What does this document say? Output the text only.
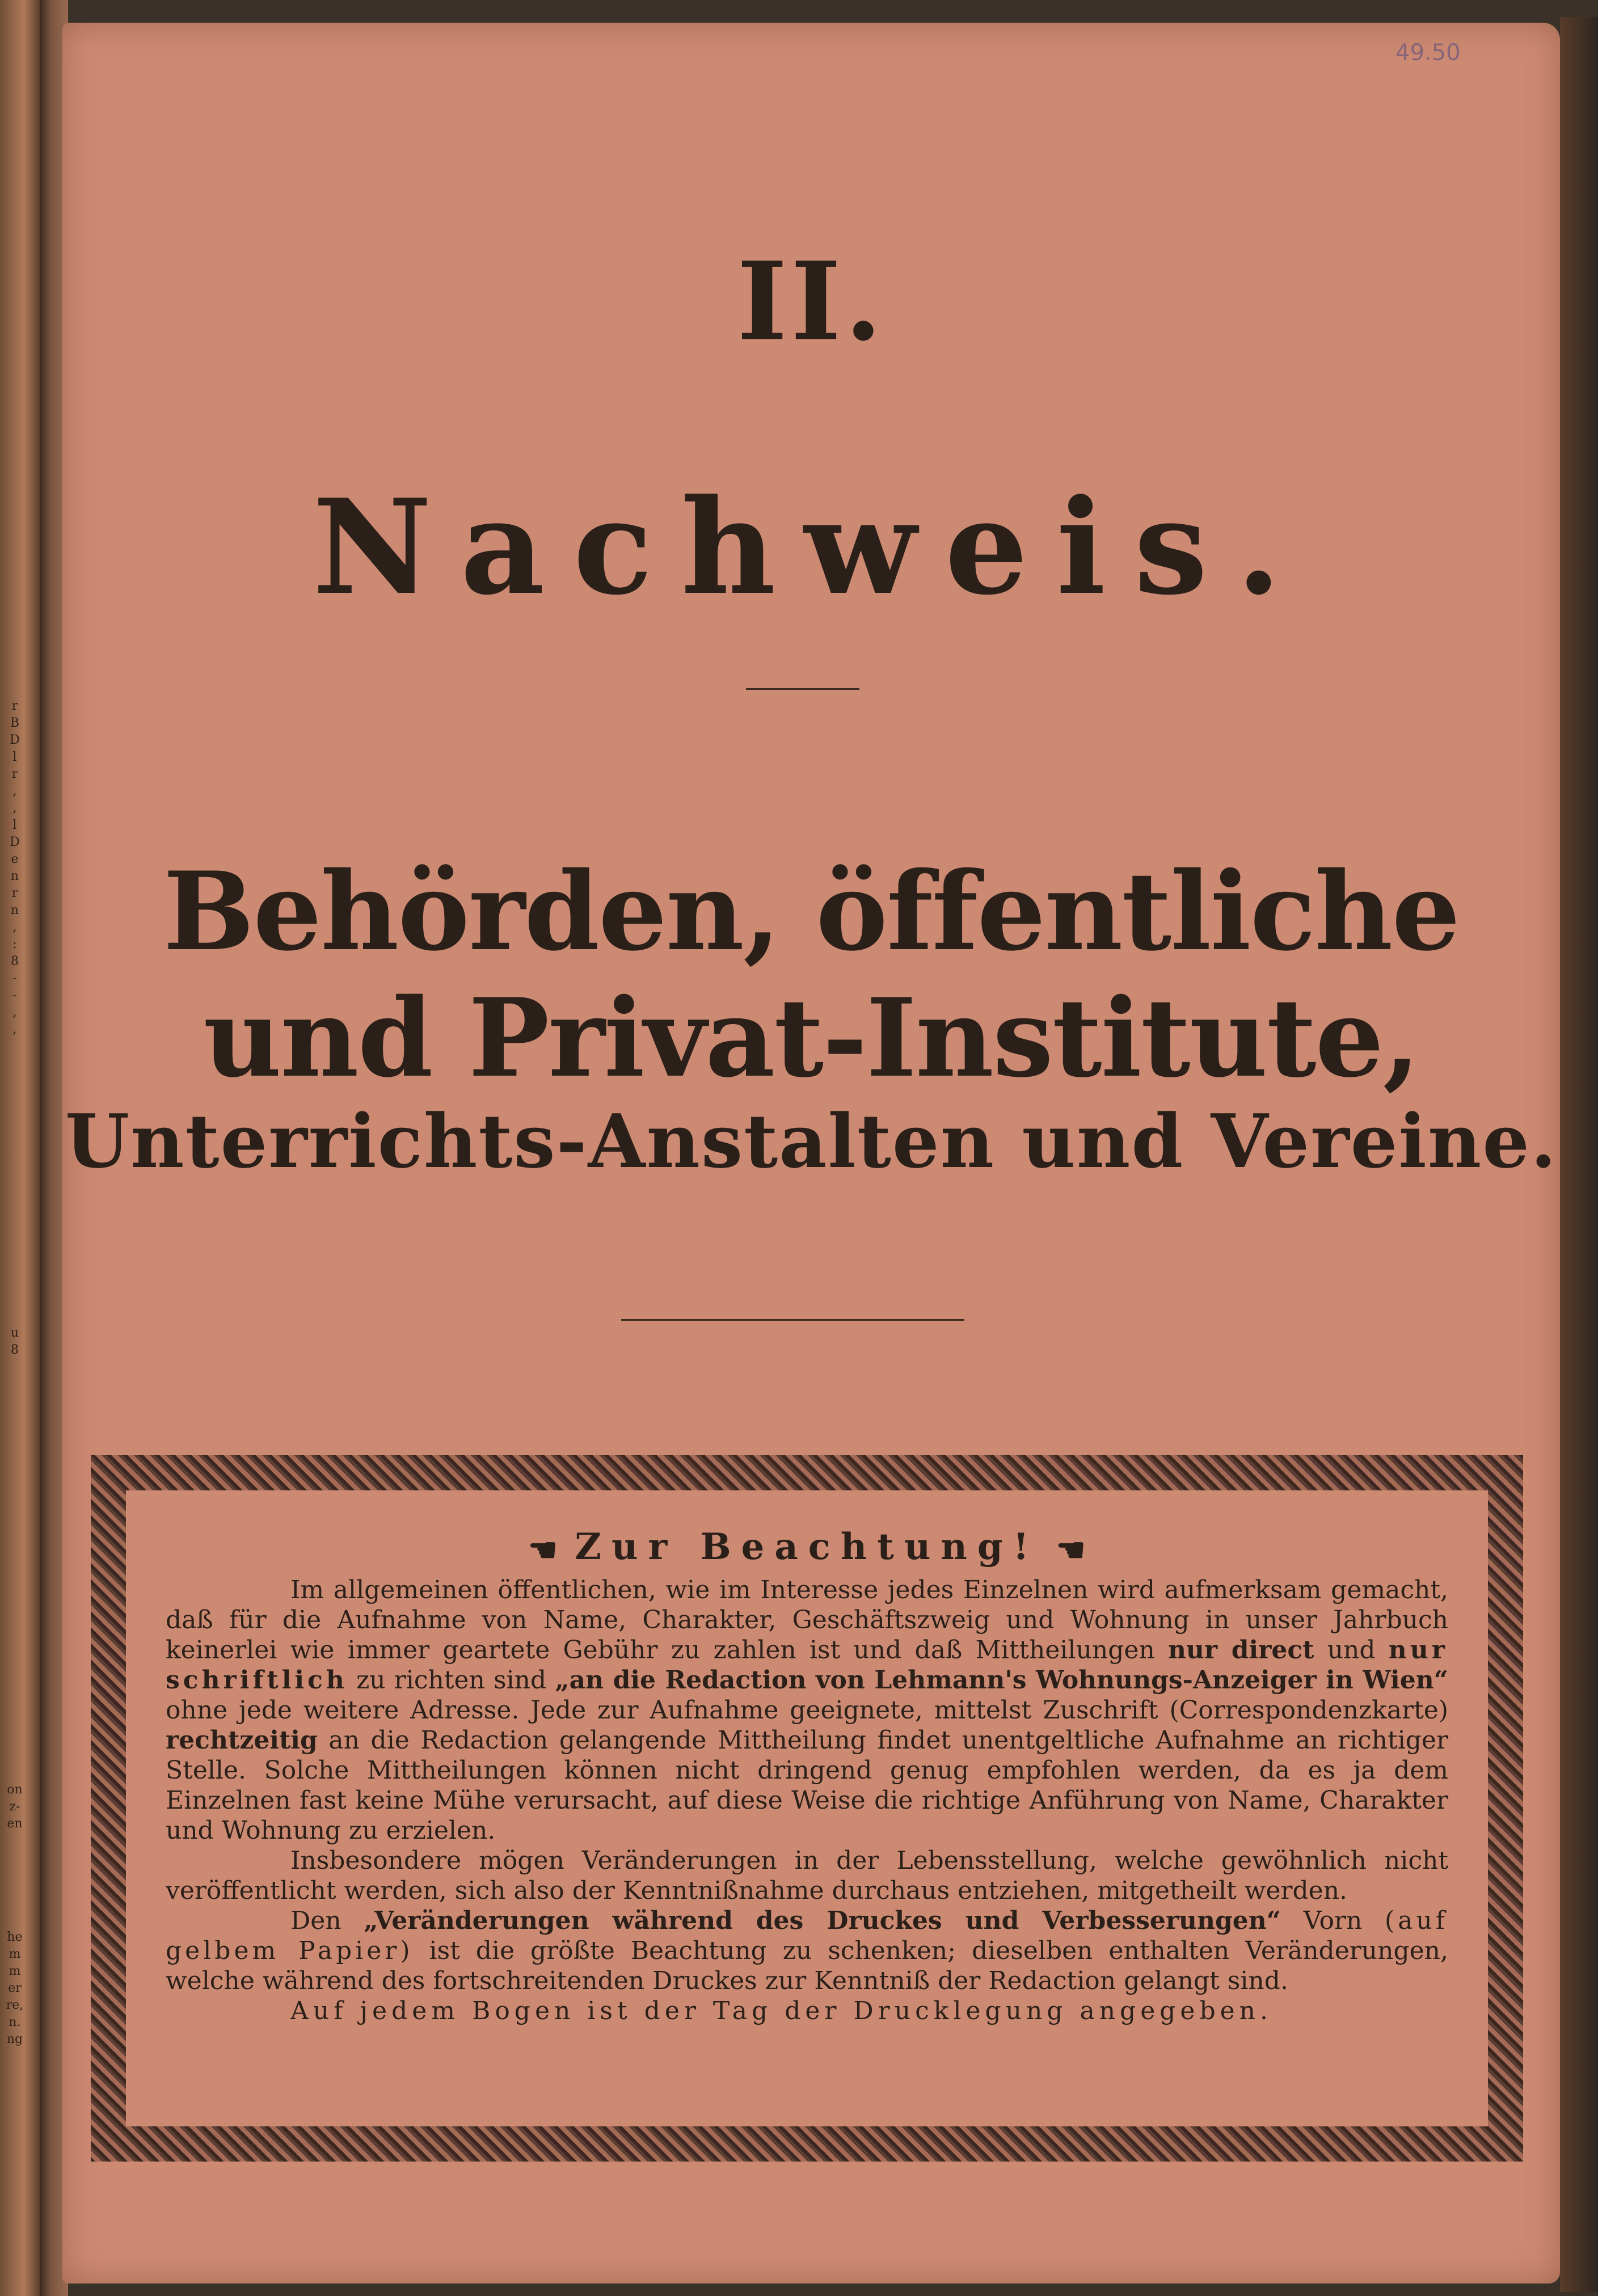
r
B
D
l
r
,
,
l
D
e
n
r
n
,
:
8
-
-
,
,
u
8
on
z-
en
he
m
m
er
re,
n.
ng
49.50
II.
Nachweis.
Behörden, öffentliche und Privat-Institute,
Unterrichts-Anstalten und Vereine.
☛ Zur Beachtung! ☚

Im allgemeinen öffentlichen, wie im Interesse jedes Einzelnen wird aufmerksam gemacht, daß für die Aufnahme von Name, Charakter, Geschäftszweig und Wohnung in unser Jahrbuch keinerlei wie immer geartete Gebühr zu zahlen ist und daß Mittheilungen nur direct und nur schriftlich zu richten sind „an die Redaction von Lehmann's Wohnungs-Anzeiger in Wien“ ohne jede weitere Adresse. Jede zur Aufnahme geeignete, mittelst Zuschrift (Correspondenzkarte) rechtzeitig an die Redaction gelangende Mittheilung findet unentgeltliche Aufnahme an richtiger Stelle. Solche Mittheilungen können nicht dringend genug empfohlen werden, da es ja dem Einzelnen fast keine Mühe verursacht, auf diese Weise die richtige Anführung von Name, Charakter und Wohnung zu erzielen.

Insbesondere mögen Veränderungen in der Lebensstellung, welche gewöhnlich nicht veröffentlicht werden, sich also der Kenntnißnahme durchaus entziehen, mitgetheilt werden.

Den „Veränderungen während des Druckes und Verbesserungen“ Vorn (auf gelbem Papier) ist die größte Beachtung zu schenken; dieselben enthalten Veränderungen, welche während des fortschreitenden Druckes zur Kenntniß der Redaction gelangt sind.

Auf jedem Bogen ist der Tag der Drucklegung angegeben.
